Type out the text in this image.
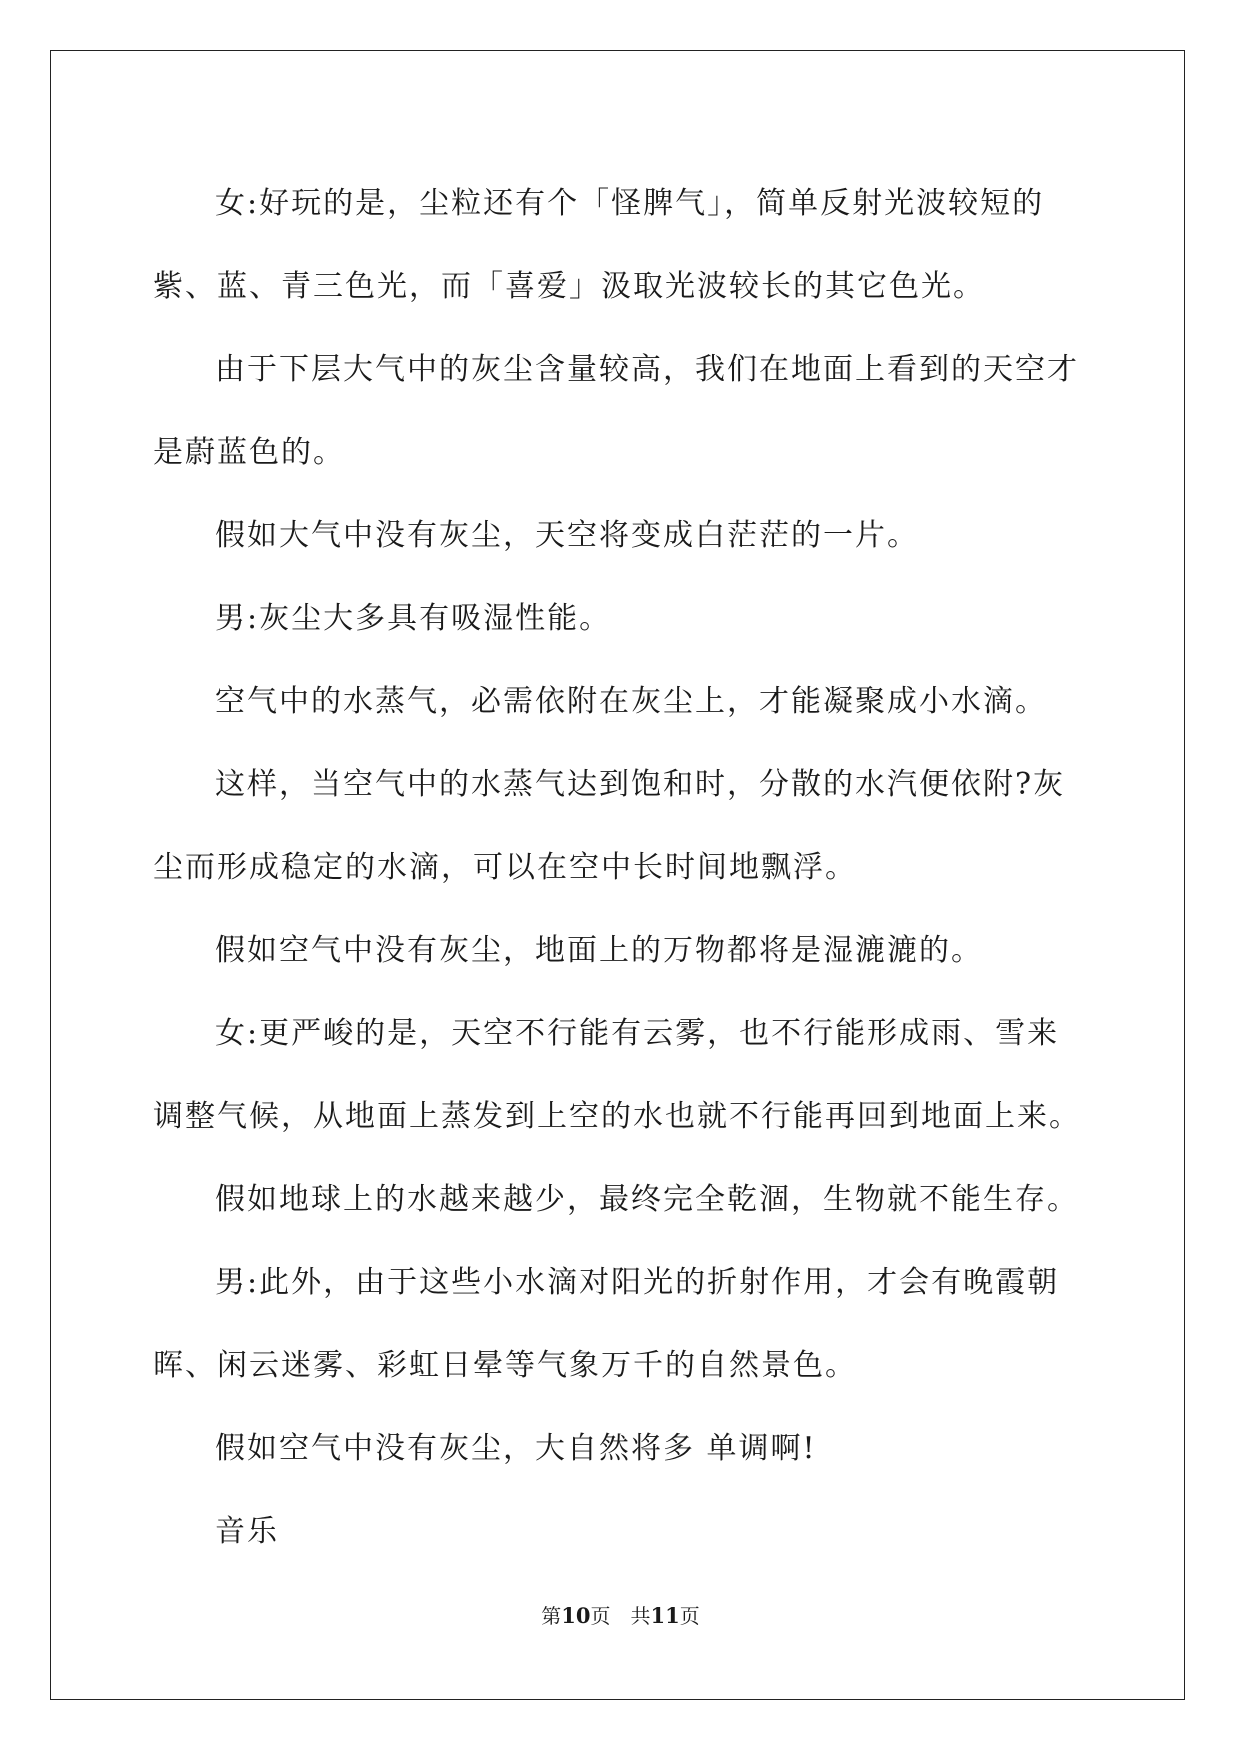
女:好玩的是，尘粒还有个「怪脾气」，简单反射光波较短的紫、蓝、青三色光，而「喜爱」汲取光波较长的其它色光。

由于下层大气中的灰尘含量较高，我们在地面上看到的天空才是蔚蓝色的。

假如大气中没有灰尘，天空将变成白茫茫的一片。

男:灰尘大多具有吸湿性能。

空气中的水蒸气，必需依附在灰尘上，才能凝聚成小水滴。

这样，当空气中的水蒸气达到饱和时，分散的水汽便依附?灰尘而形成稳定的水滴，可以在空中长时间地飘浮。

假如空气中没有灰尘，地面上的万物都将是湿漉漉的。

女:更严峻的是，天空不行能有云雾，也不行能形成雨、雪来调整气候，从地面上蒸发到上空的水也就不行能再回到地面上来。

假如地球上的水越来越少，最终完全乾涸，生物就不能生存。

男:此外，由于这些小水滴对阳光的折射作用，才会有晚霞朝晖、闲云迷雾、彩虹日晕等气象万千的自然景色。

假如空气中没有灰尘，大自然将多 单调啊!

音乐

第10页　共11页
